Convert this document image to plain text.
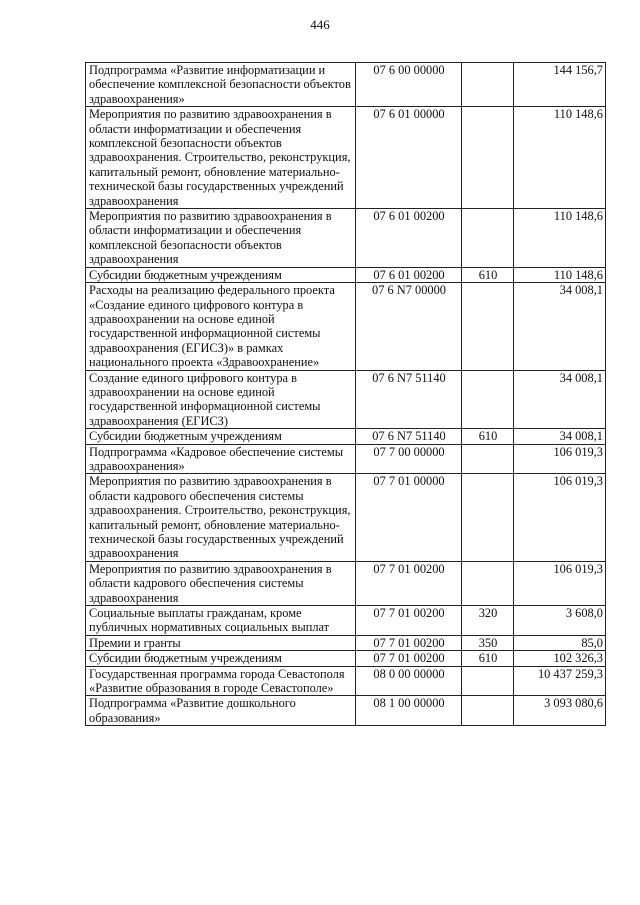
446
Подпрограмма «Развитие информатизации и обеспечение комплексной безопасности объектов здравоохранения»	07 6 00 00000		144 156,7
Мероприятия по развитию здравоохранения в области информатизации и обеспечения комплексной безопасности объектов здравоохранения. Строительство, реконструкция, капитальный ремонт, обновление материально-технической базы государственных учреждений здравоохранения	07 6 01 00000		110 148,6
Мероприятия по развитию здравоохранения в области информатизации и обеспечения комплексной безопасности объектов здравоохранения	07 6 01 00200		110 148,6
Субсидии бюджетным учреждениям	07 6 01 00200	610	110 148,6
Расходы на реализацию федерального проекта «Создание единого цифрового контура в здравоохранении на основе единой государственной информационной системы здравоохранения (ЕГИСЗ)» в рамках национального проекта «Здравоохранение»	07 6 N7 00000		34 008,1
Создание единого цифрового контура в здравоохранении на основе единой государственной информационной системы здравоохранения (ЕГИСЗ)	07 6 N7 51140		34 008,1
Субсидии бюджетным учреждениям	07 6 N7 51140	610	34 008,1
Подпрограмма «Кадровое обеспечение системы здравоохранения»	07 7 00 00000		106 019,3
Мероприятия по развитию здравоохранения в области кадрового обеспечения системы здравоохранения. Строительство, реконструкция, капитальный ремонт, обновление материально-технической базы государственных учреждений здравоохранения	07 7 01 00000		106 019,3
Мероприятия по развитию здравоохранения в области кадрового обеспечения системы здравоохранения	07 7 01 00200		106 019,3
Социальные выплаты гражданам, кроме публичных нормативных социальных выплат	07 7 01 00200	320	3 608,0
Премии и гранты	07 7 01 00200	350	85,0
Субсидии бюджетным учреждениям	07 7 01 00200	610	102 326,3
Государственная программа города Севастополя «Развитие образования в городе Севастополе»	08 0 00 00000		10 437 259,3
Подпрограмма «Развитие дошкольного образования»	08 1 00 00000		3 093 080,6
